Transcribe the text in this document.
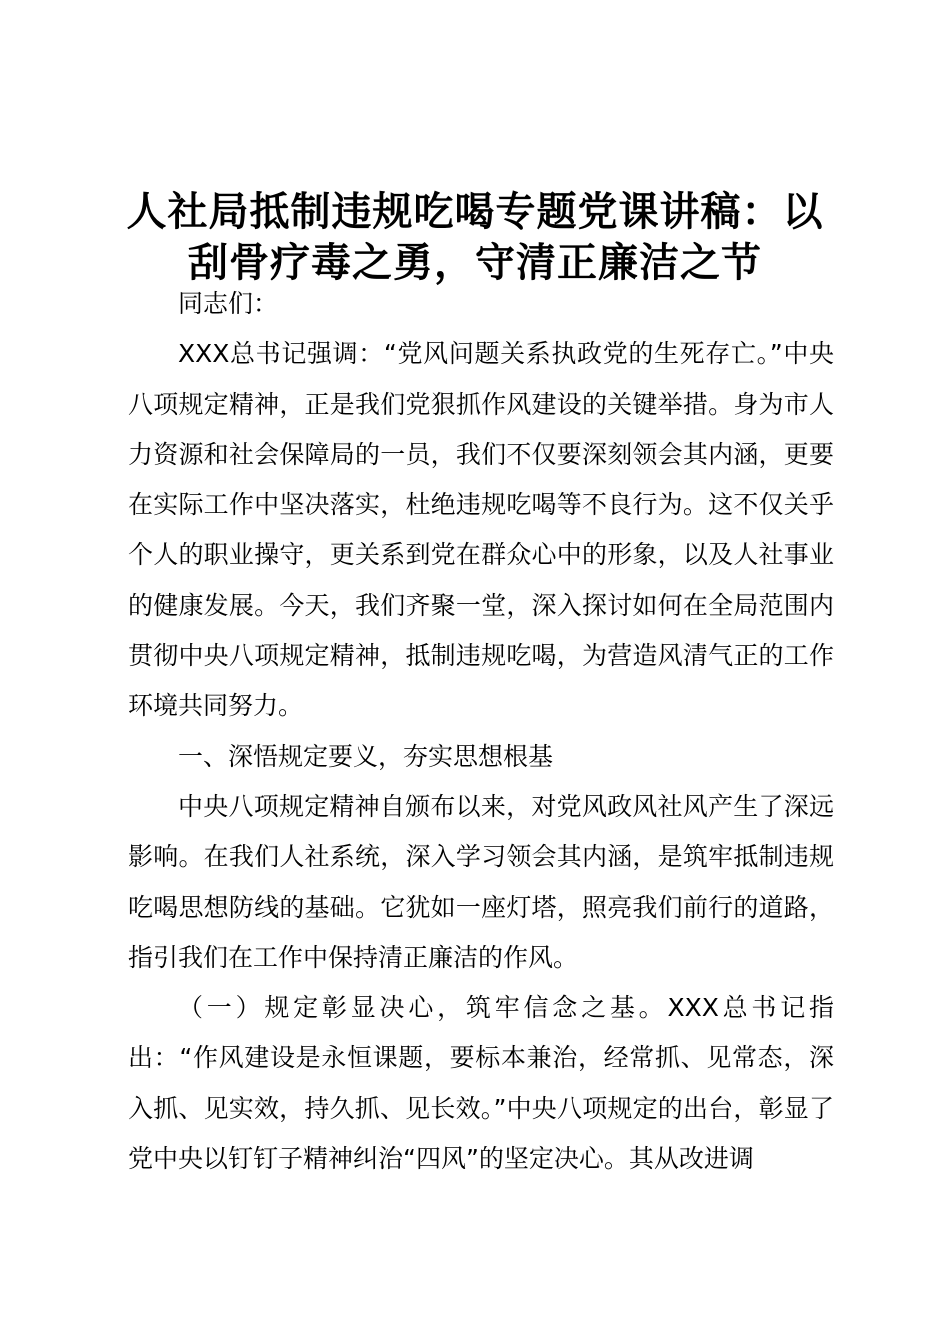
人社局抵制违规吃喝专题党课讲稿：以
刮骨疗毒之勇，守清正廉洁之节

同志们：

XXX总书记强调：“党风问题关系执政党的生死存亡。”中央八项规定精神，正是我们党狠抓作风建设的关键举措。身为市人力资源和社会保障局的一员，我们不仅要深刻领会其内涵，更要在实际工作中坚决落实，杜绝违规吃喝等不良行为。这不仅关乎个人的职业操守，更关系到党在群众心中的形象，以及人社事业的健康发展。今天，我们齐聚一堂，深入探讨如何在全局范围内贯彻中央八项规定精神，抵制违规吃喝，为营造风清气正的工作环境共同努力。

一、深悟规定要义，夯实思想根基

中央八项规定精神自颁布以来，对党风政风社风产生了深远影响。在我们人社系统，深入学习领会其内涵，是筑牢抵制违规吃喝思想防线的基础。它犹如一座灯塔，照亮我们前行的道路，指引我们在工作中保持清正廉洁的作风。

（一）规定彰显决心，筑牢信念之基。XXX总书记指出：“作风建设是永恒课题，要标本兼治，经常抓、见常态，深入抓、见实效，持久抓、见长效。”中央八项规定的出台，彰显了党中央以钉钉子精神纠治“四风”的坚定决心。其从改进调
